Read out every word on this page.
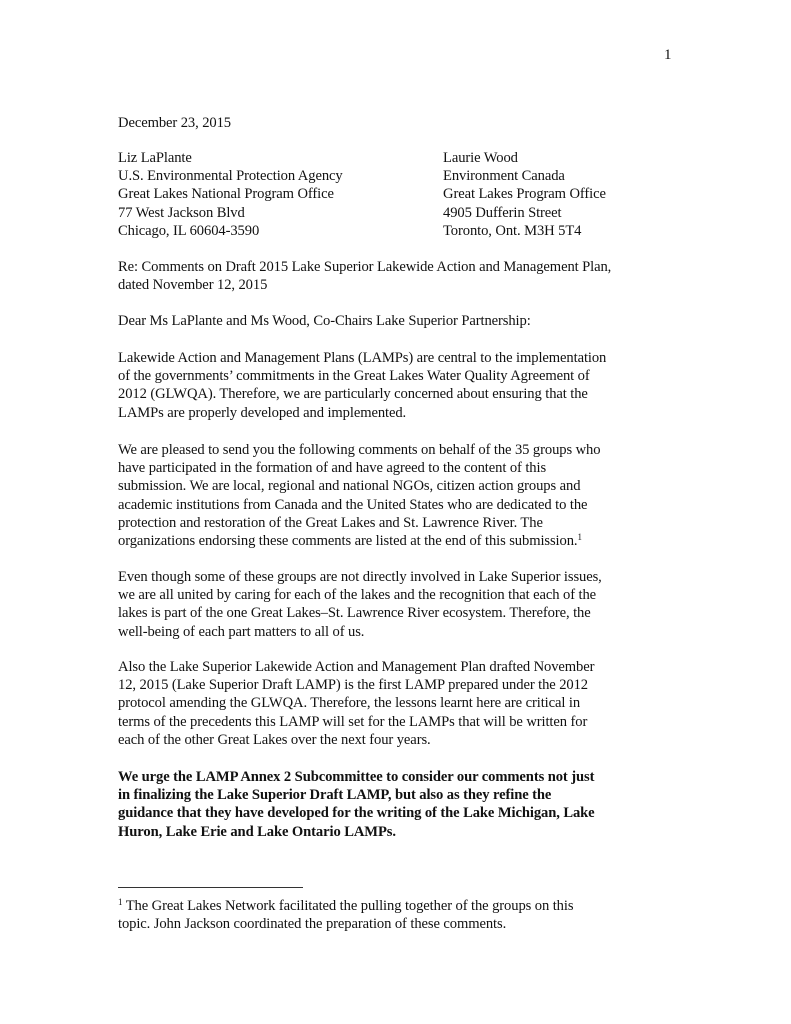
1
December 23, 2015
Liz LaPlante
U.S. Environmental Protection Agency
Great Lakes National Program Office
77 West Jackson Blvd
Chicago, IL 60604-3590
Laurie Wood
Environment Canada
Great Lakes Program Office
4905 Dufferin Street
Toronto, Ont. M3H 5T4
Re: Comments on Draft 2015 Lake Superior Lakewide Action and Management Plan,
dated November 12, 2015
Dear Ms LaPlante and Ms Wood, Co-Chairs Lake Superior Partnership:
Lakewide Action and Management Plans (LAMPs) are central to the implementation
of the governments’ commitments in the Great Lakes Water Quality Agreement of
2012 (GLWQA). Therefore, we are particularly concerned about ensuring that the
LAMPs are properly developed and implemented.
We are pleased to send you the following comments on behalf of the 35 groups who
have participated in the formation of and have agreed to the content of this
submission. We are local, regional and national NGOs, citizen action groups and
academic institutions from Canada and the United States who are dedicated to the
protection and restoration of the Great Lakes and St. Lawrence River. The
organizations endorsing these comments are listed at the end of this submission.$^1$
Even though some of these groups are not directly involved in Lake Superior issues,
we are all united by caring for each of the lakes and the recognition that each of the
lakes is part of the one Great Lakes–St. Lawrence River ecosystem. Therefore, the
well-being of each part matters to all of us.
Also the Lake Superior Lakewide Action and Management Plan drafted November
12, 2015 (Lake Superior Draft LAMP) is the first LAMP prepared under the 2012
protocol amending the GLWQA. Therefore, the lessons learnt here are critical in
terms of the precedents this LAMP will set for the LAMPs that will be written for
each of the other Great Lakes over the next four years.
We urge the LAMP Annex 2 Subcommittee to consider our comments not just
in finalizing the Lake Superior Draft LAMP, but also as they refine the
guidance that they have developed for the writing of the Lake Michigan, Lake
Huron, Lake Erie and Lake Ontario LAMPs.
$^1$ The Great Lakes Network facilitated the pulling together of the groups on this
topic. John Jackson coordinated the preparation of these comments.
